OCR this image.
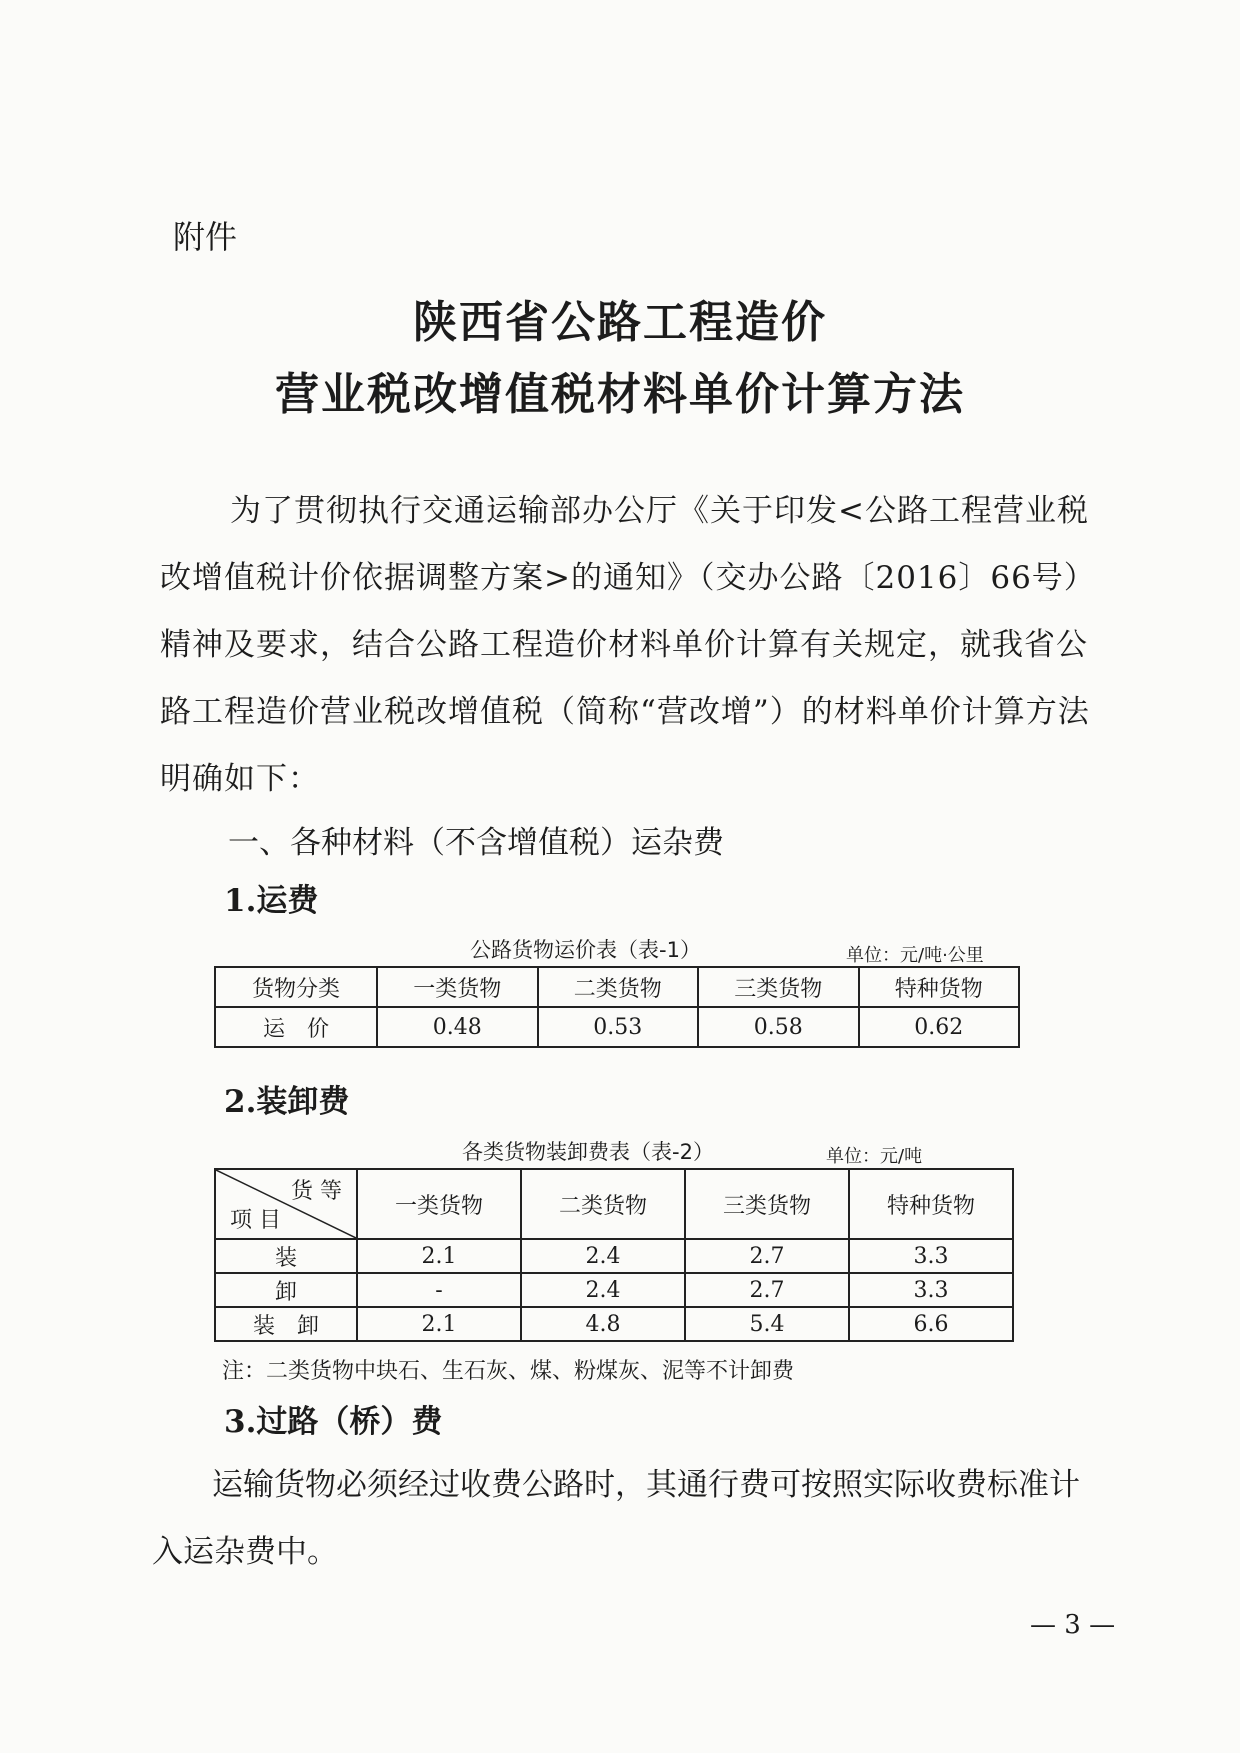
附件
陕西省公路工程造价
营业税改增值税材料单价计算方法
为了贯彻执行交通运输部办公厅《关于印发<公路工程营业税改增值税计价依据调整方案>的通知》（交办公路〔2016〕66号）精神及要求，结合公路工程造价材料单价计算有关规定，就我省公路工程造价营业税改增值税（简称“营改增”）的材料单价计算方法明确如下：
一、各种材料（不含增值税）运杂费
1.运费
公路货物运价表（表-1）	单位：元/吨·公里
货物分类	一类货物	二类货物	三类货物	特种货物
运　价	0.48	0.53	0.58	0.62
2.装卸费
各类货物装卸费表（表-2）	单位：元/吨
货 等
项 目	一类货物	二类货物	三类货物	特种货物
装	2.1	2.4	2.7	3.3
卸	-	2.4	2.7	3.3
装　卸	2.1	4.8	5.4	6.6
注：二类货物中块石、生石灰、煤、粉煤灰、泥等不计卸费
3.过路（桥）费
运输货物必须经过收费公路时，其通行费可按照实际收费标准计入运杂费中。
— 3 —
